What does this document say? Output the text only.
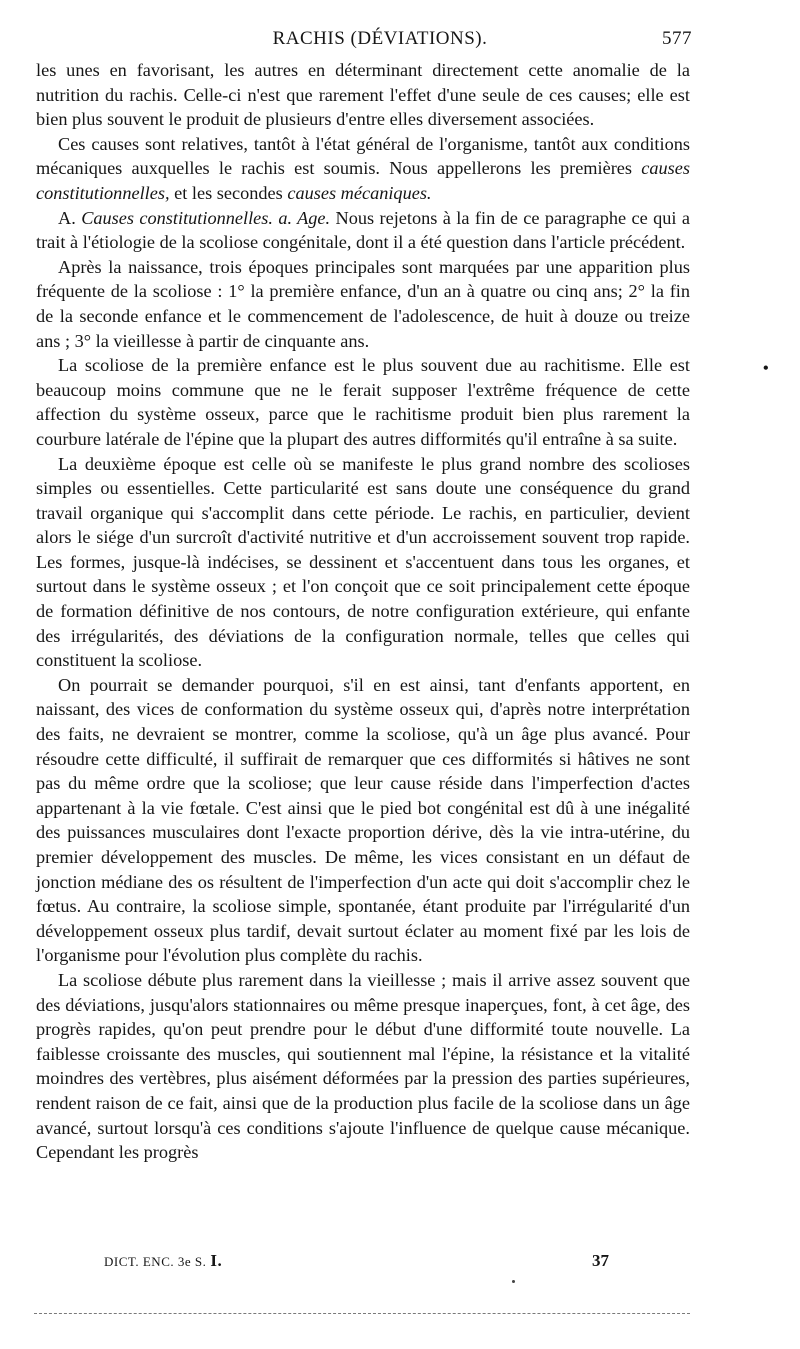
RACHIS (DÉVIATIONS).	577

les unes en favorisant, les autres en déterminant directement cette anomalie de la nutrition du rachis. Celle-ci n'est que rarement l'effet d'une seule de ces causes; elle est bien plus souvent le produit de plusieurs d'entre elles diversement associées.

Ces causes sont relatives, tantôt à l'état général de l'organisme, tantôt aux conditions mécaniques auxquelles le rachis est soumis. Nous appellerons les premières causes constitutionnelles, et les secondes causes mécaniques.

A. Causes constitutionnelles. a. Age. Nous rejetons à la fin de ce paragraphe ce qui a trait à l'étiologie de la scoliose congénitale, dont il a été question dans l'article précédent.

Après la naissance, trois époques principales sont marquées par une apparition plus fréquente de la scoliose : 1° la première enfance, d'un an à quatre ou cinq ans; 2° la fin de la seconde enfance et le commencement de l'adolescence, de huit à douze ou treize ans ; 3° la vieillesse à partir de cinquante ans.

La scoliose de la première enfance est le plus souvent due au rachitisme. Elle est beaucoup moins commune que ne le ferait supposer l'extrême fréquence de cette affection du système osseux, parce que le rachitisme produit bien plus rarement la courbure latérale de l'épine que la plupart des autres difformités qu'il entraîne à sa suite.

La deuxième époque est celle où se manifeste le plus grand nombre des scolioses simples ou essentielles. Cette particularité est sans doute une conséquence du grand travail organique qui s'accomplit dans cette période. Le rachis, en particulier, devient alors le siége d'un surcroît d'activité nutritive et d'un accroissement souvent trop rapide. Les formes, jusque-là indécises, se dessinent et s'accentuent dans tous les organes, et surtout dans le système osseux ; et l'on conçoit que ce soit principalement cette époque de formation définitive de nos contours, de notre configuration extérieure, qui enfante des irrégularités, des déviations de la configuration normale, telles que celles qui constituent la scoliose.

On pourrait se demander pourquoi, s'il en est ainsi, tant d'enfants apportent, en naissant, des vices de conformation du système osseux qui, d'après notre interprétation des faits, ne devraient se montrer, comme la scoliose, qu'à un âge plus avancé. Pour résoudre cette difficulté, il suffirait de remarquer que ces difformités si hâtives ne sont pas du même ordre que la scoliose; que leur cause réside dans l'imperfection d'actes appartenant à la vie fœtale. C'est ainsi que le pied bot congénital est dû à une inégalité des puissances musculaires dont l'exacte proportion dérive, dès la vie intra-utérine, du premier développement des muscles. De même, les vices consistant en un défaut de jonction médiane des os résultent de l'imperfection d'un acte qui doit s'accomplir chez le fœtus. Au contraire, la scoliose simple, spontanée, étant produite par l'irrégularité d'un développement osseux plus tardif, devait surtout éclater au moment fixé par les lois de l'organisme pour l'évolution plus complète du rachis.

La scoliose débute plus rarement dans la vieillesse ; mais il arrive assez souvent que des déviations, jusqu'alors stationnaires ou même presque inaperçues, font, à cet âge, des progrès rapides, qu'on peut prendre pour le début d'une difformité toute nouvelle. La faiblesse croissante des muscles, qui soutiennent mal l'épine, la résistance et la vitalité moindres des vertèbres, plus aisément déformées par la pression des parties supérieures, rendent raison de ce fait, ainsi que de la production plus facile de la scoliose dans un âge avancé, surtout lorsqu'à ces conditions s'ajoute l'influence de quelque cause mécanique. Cependant les progrès

•
DICT. ENC. 3e S. I.	37
